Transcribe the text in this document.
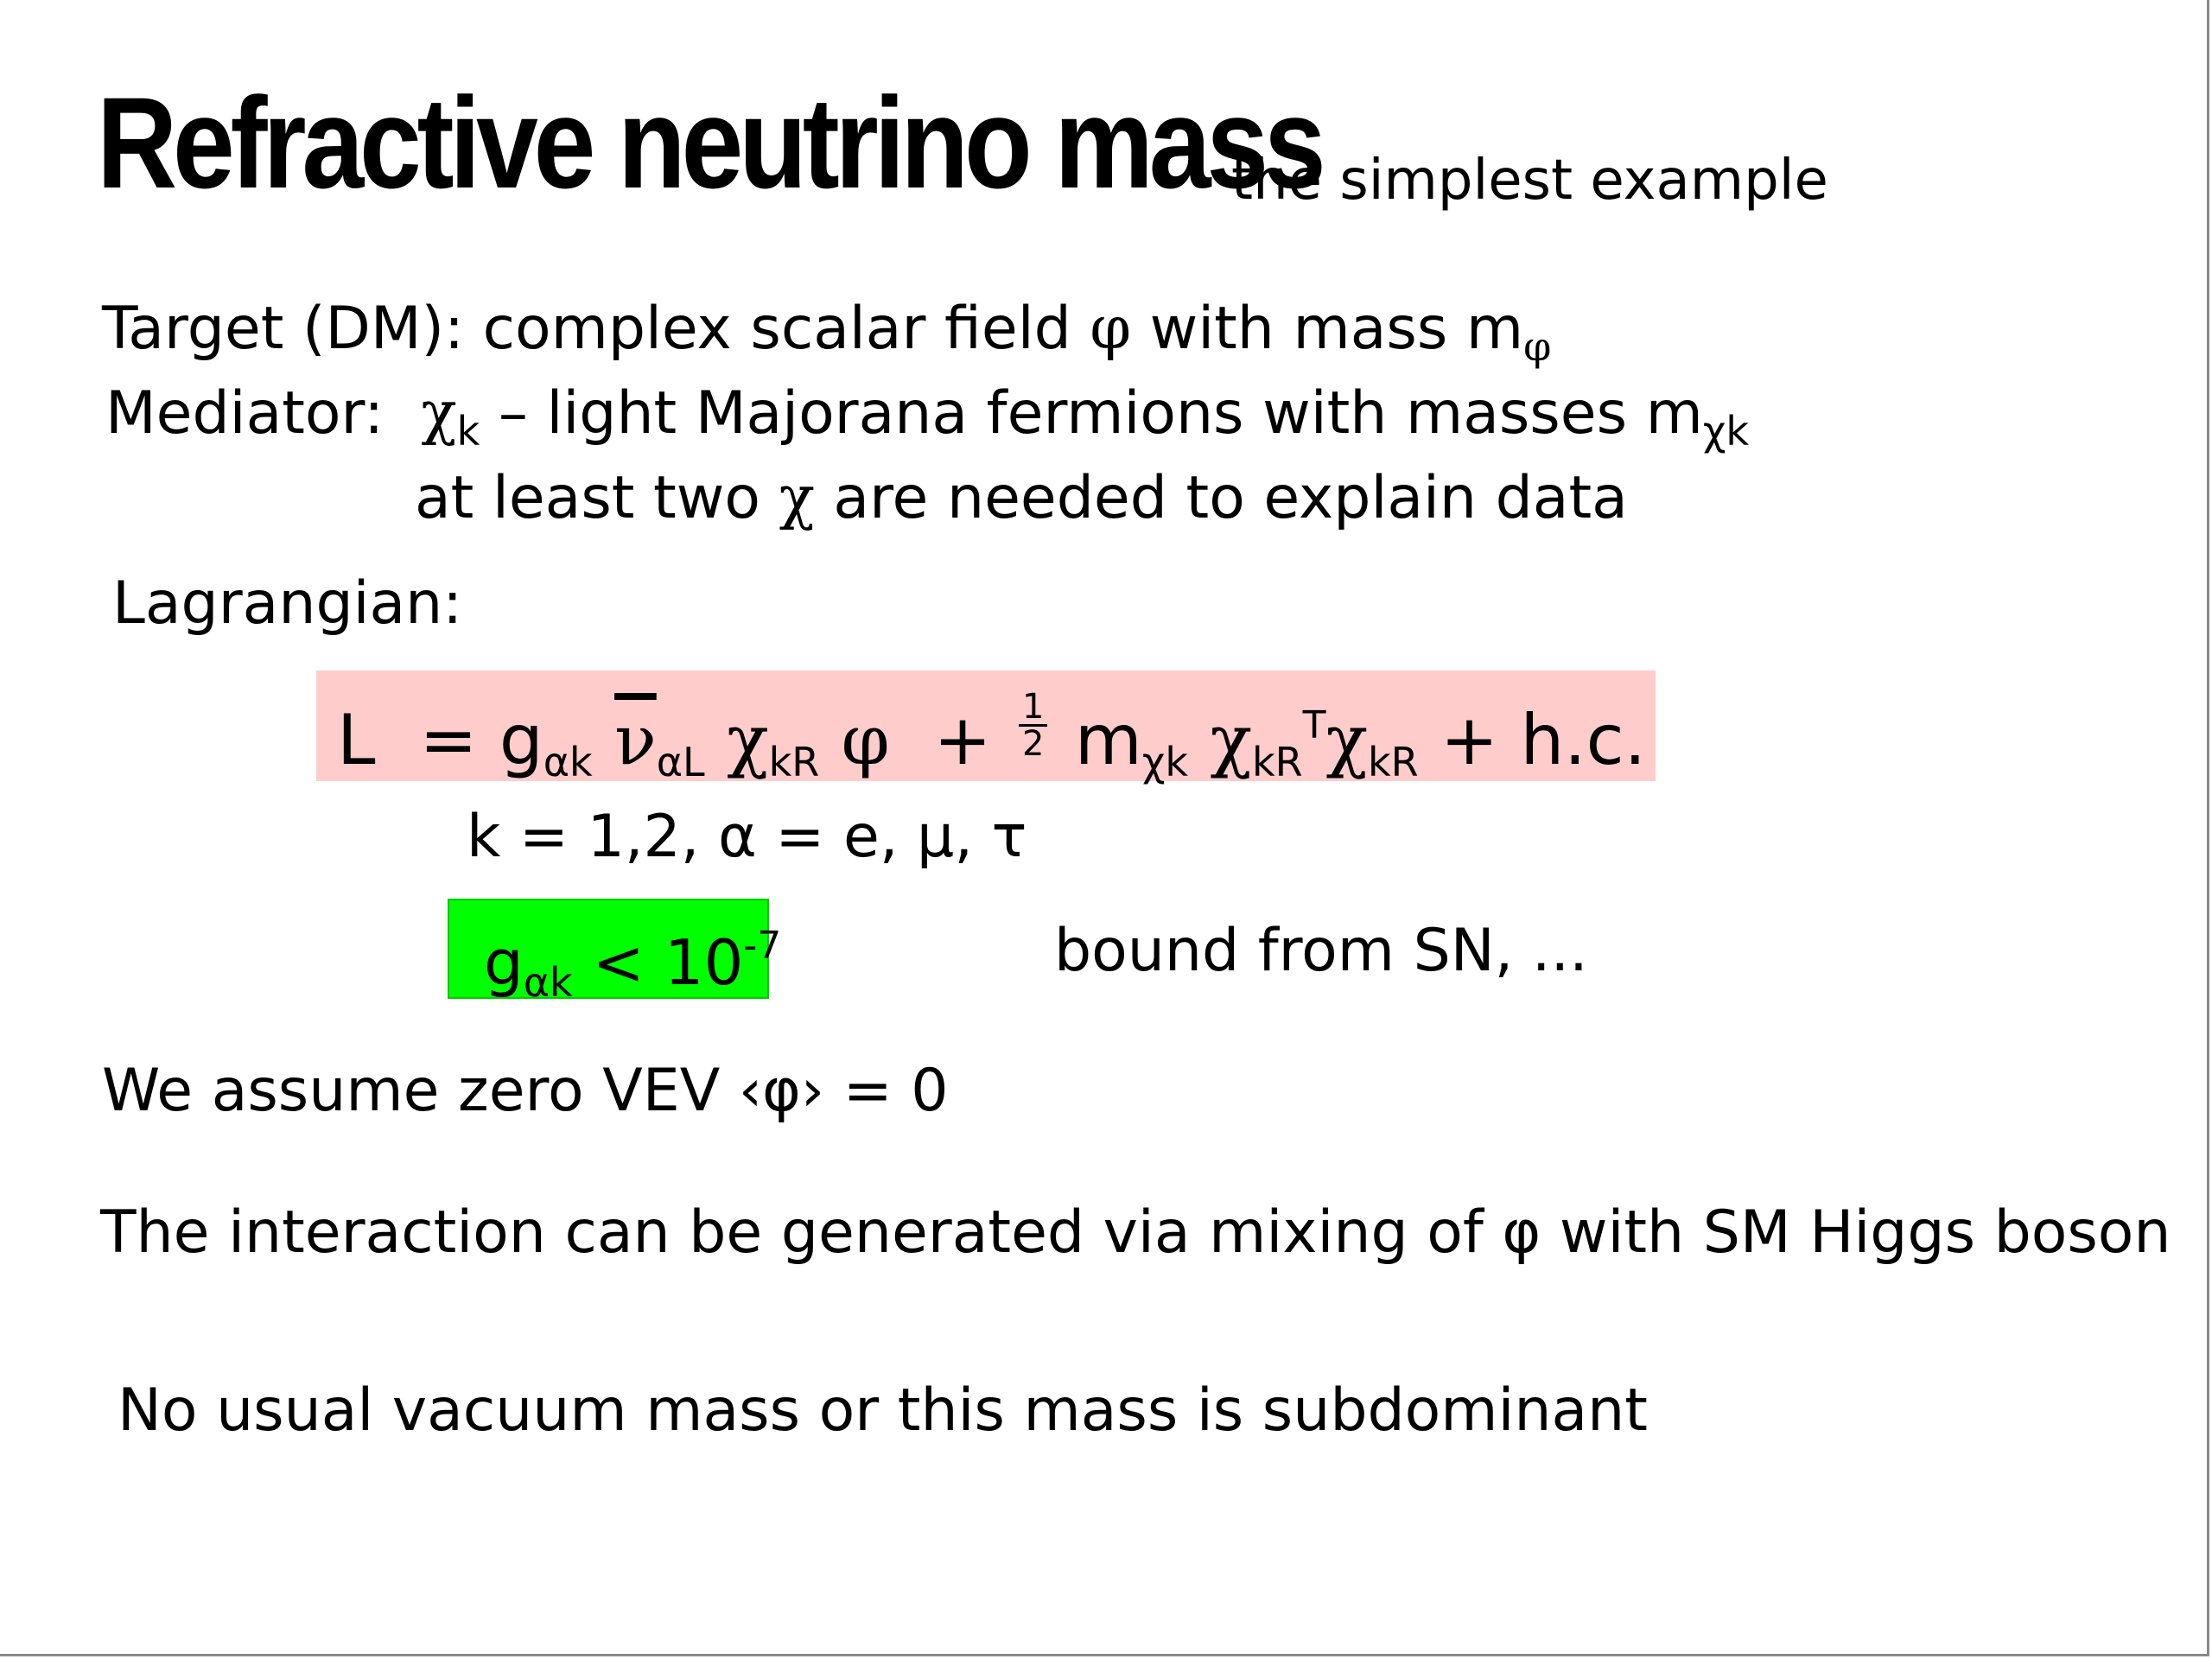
Refractive neutrino mass
the simplest example
Target (DM): complex scalar field φ with mass $m_\varphi$
Mediator: $\chi_k$ – light Majorana fermions with masses $m_{\chi k}$
at least two χ are needed to explain data
Lagrangian:
$L = g_{\alpha k}$ $\overline{\nu}_{\alpha L}$ $\chi_{kR}$ $\varphi + \frac{1}{2} m_{\chi k}$ $\chi_{kR}^T\chi_{kR} + h.c$.
k = 1,2, α = e, μ, τ
$g_{\alpha k} < 10^{-7}$	bound from SN, ...
We assume zero VEV ‹φ› = 0
The interaction can be generated via mixing of φ with SM Higgs boson
No usual vacuum mass or this mass is subdominant
